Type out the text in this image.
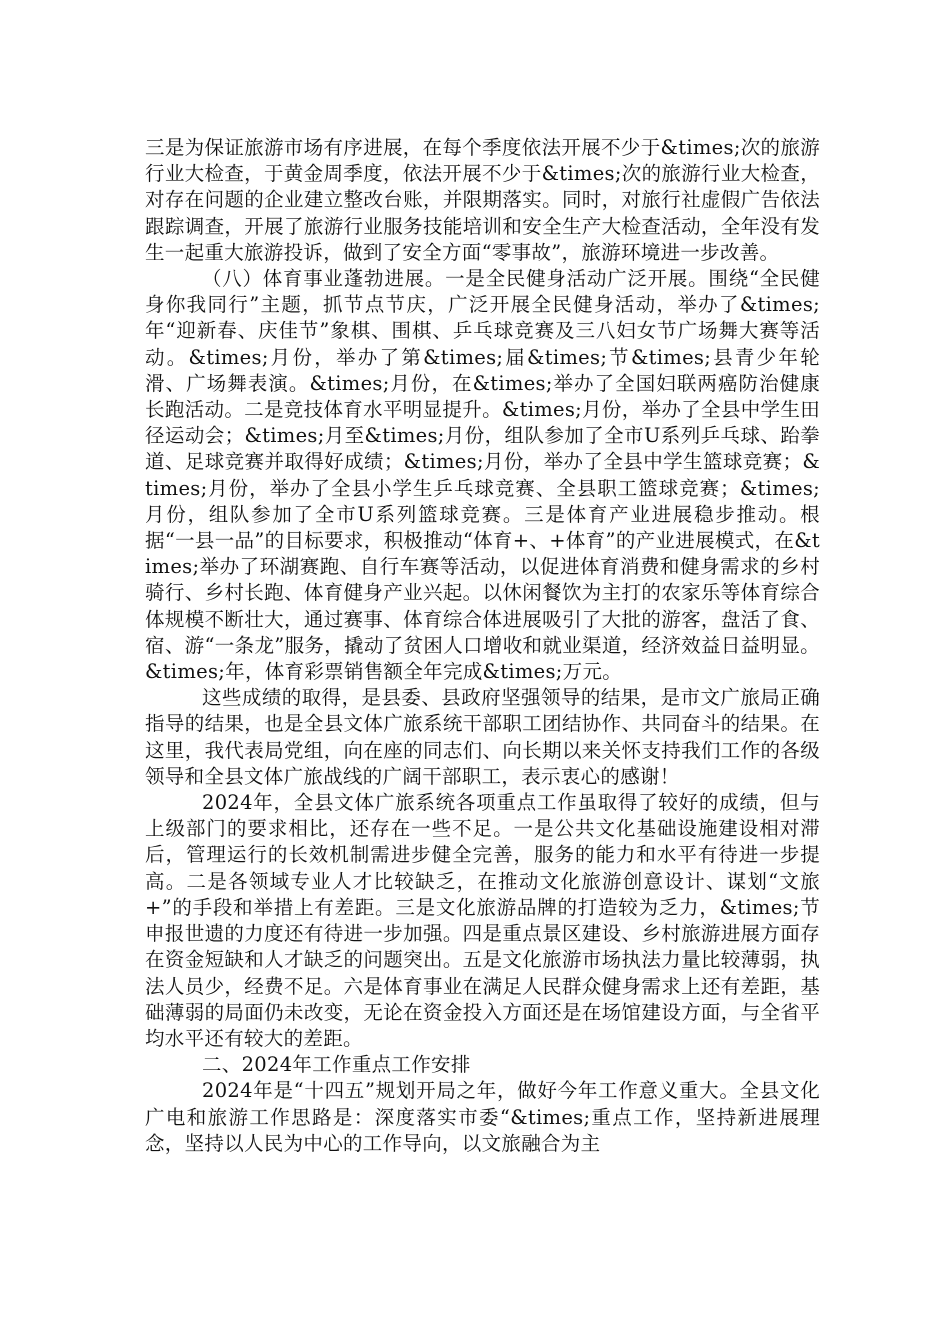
三是为保证旅游市场有序进展，在每个季度依法开展不少于&times;次的旅游行业大检查，于黄金周季度，依法开展不少于&times;次的旅游行业大检查，对存在问题的企业建立整改台账，并限期落实。同时，对旅行社虚假广告依法跟踪调查，开展了旅游行业服务技能培训和安全生产大检查活动，全年没有发生一起重大旅游投诉，做到了安全方面“零事故”，旅游环境进一步改善。

（八）体育事业蓬勃进展。一是全民健身活动广泛开展。围绕“全民健身你我同行”主题，抓节点节庆，广泛开展全民健身活动，举办了&times;年“迎新春、庆佳节”象棋、围棋、乒乓球竞赛及三八妇女节广场舞大赛等活动。&times;月份，举办了第&times;届&times;节&times;县青少年轮滑、广场舞表演。&times;月份，在&times;举办了全国妇联两癌防治健康长跑活动。二是竞技体育水平明显提升。&times;月份，举办了全县中学生田径运动会；&times;月至&times;月份，组队参加了全市U系列乒乓球、跆拳道、足球竞赛并取得好成绩；&times;月份，举办了全县中学生篮球竞赛；&times;月份，举办了全县小学生乒乓球竞赛、全县职工篮球竞赛；&times;月份，组队参加了全市U系列篮球竞赛。三是体育产业进展稳步推动。根据“一县一品”的目标要求，积极推动“体育+、+体育”的产业进展模式，在&times;举办了环湖赛跑、自行车赛等活动，以促进体育消费和健身需求的乡村骑行、乡村长跑、体育健身产业兴起。以休闲餐饮为主打的农家乐等体育综合体规模不断壮大，通过赛事、体育综合体进展吸引了大批的游客，盘活了食、宿、游“一条龙”服务，撬动了贫困人口增收和就业渠道，经济效益日益明显。&times;年，体育彩票销售额全年完成&times;万元。

这些成绩的取得，是县委、县政府坚强领导的结果，是市文广旅局正确指导的结果，也是全县文体广旅系统干部职工团结协作、共同奋斗的结果。在这里，我代表局党组，向在座的同志们、向长期以来关怀支持我们工作的各级领导和全县文体广旅战线的广阔干部职工，表示衷心的感谢！

2024年，全县文体广旅系统各项重点工作虽取得了较好的成绩，但与上级部门的要求相比，还存在一些不足。一是公共文化基础设施建设相对滞后，管理运行的长效机制需进步健全完善，服务的能力和水平有待进一步提高。二是各领域专业人才比较缺乏，在推动文化旅游创意设计、谋划“文旅+”的手段和举措上有差距。三是文化旅游品牌的打造较为乏力，&times;节申报世遗的力度还有待进一步加强。四是重点景区建设、乡村旅游进展方面存在资金短缺和人才缺乏的问题突出。五是文化旅游市场执法力量比较薄弱，执法人员少，经费不足。六是体育事业在满足人民群众健身需求上还有差距，基础薄弱的局面仍未改变，无论在资金投入方面还是在场馆建设方面，与全省平均水平还有较大的差距。

二、2024年工作重点工作安排

2024年是“十四五”规划开局之年，做好今年工作意义重大。全县文化广电和旅游工作思路是：深度落实市委“&times;重点工作，坚持新进展理念，坚持以人民为中心的工作导向，以文旅融合为主
